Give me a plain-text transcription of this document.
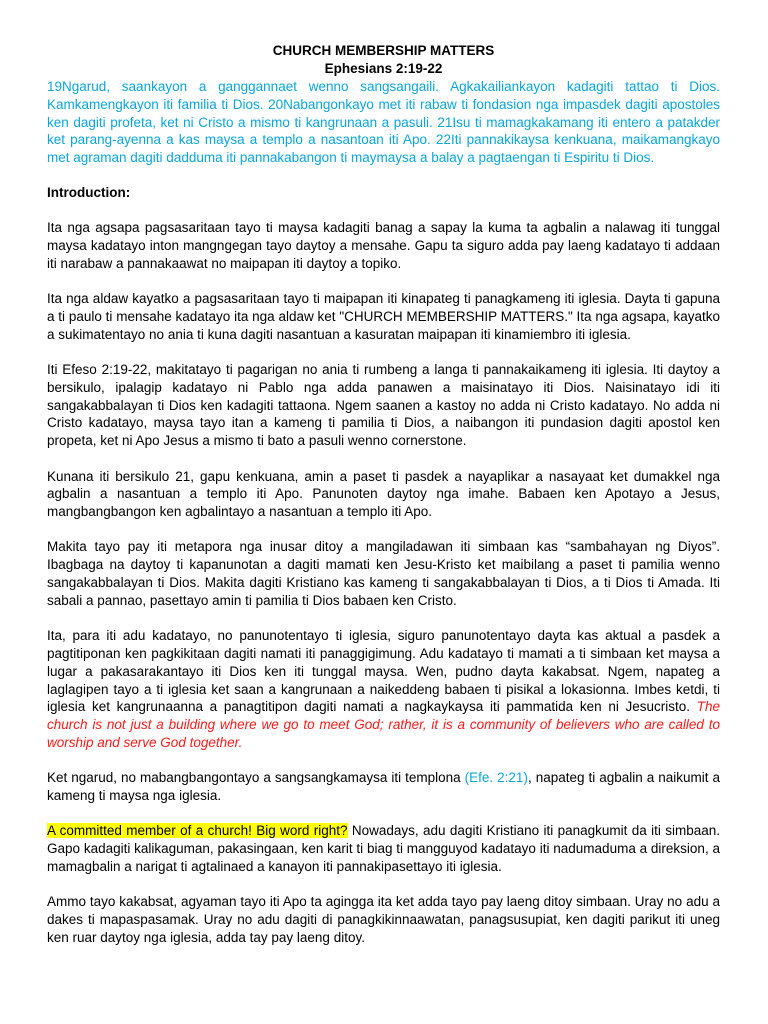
CHURCH MEMBERSHIP MATTERS
Ephesians 2:19-22

19Ngarud, saankayon a ganggannaet wenno sangsangaili. Agkakailiankayon kadagiti tattao ti Dios. Kamkamengkayon iti familia ti Dios. 20Nabangonkayo met iti rabaw ti fondasion nga impasdek dagiti apostoles ken dagiti profeta, ket ni Cristo a mismo ti kangrunaan a pasuli. 21Isu ti mamagkakamang iti entero a patakder ket parang-ayenna a kas maysa a templo a nasantoan iti Apo. 22Iti pannakikaysa kenkuana, maikamangkayo met agraman dagiti dadduma iti pannakabangon ti maymaysa a balay a pagtaengan ti Espiritu ti Dios.

Introduction:

Ita nga agsapa pagsasaritaan tayo ti maysa kadagiti banag a sapay la kuma ta agbalin a nalawag iti tunggal maysa kadatayo inton mangngegan tayo daytoy a mensahe. Gapu ta siguro adda pay laeng kadatayo ti addaan iti narabaw a pannakaawat no maipapan iti daytoy a topiko.

Ita nga aldaw kayatko a pagsasaritaan tayo ti maipapan iti kinapateg ti panagkameng iti iglesia. Dayta ti gapuna a ti paulo ti mensahe kadatayo ita nga aldaw ket "CHURCH MEMBERSHIP MATTERS." Ita nga agsapa, kayatko a sukimatentayo no ania ti kuna dagiti nasantuan a kasuratan maipapan iti kinamiembro iti iglesia.

Iti Efeso 2:19-22, makitatayo ti pagarigan no ania ti rumbeng a langa ti pannakaikameng iti iglesia. Iti daytoy a bersikulo, ipalagip kadatayo ni Pablo nga adda panawen a maisinatayo iti Dios. Naisinatayo idi iti sangakabbalayan ti Dios ken kadagiti tattaona. Ngem saanen a kastoy no adda ni Cristo kadatayo. No adda ni Cristo kadatayo, maysa tayo itan a kameng ti pamilia ti Dios, a naibangon iti pundasion dagiti apostol ken propeta, ket ni Apo Jesus a mismo ti bato a pasuli wenno cornerstone.

Kunana iti bersikulo 21, gapu kenkuana, amin a paset ti pasdek a nayaplikar a nasayaat ket dumakkel nga agbalin a nasantuan a templo iti Apo. Panunoten daytoy nga imahe. Babaen ken Apotayo a Jesus, mangbangbangon ken agbalintayo a nasantuan a templo iti Apo.

Makita tayo pay iti metapora nga inusar ditoy a mangiladawan iti simbaan kas “sambahayan ng Diyos”. Ibagbaga na daytoy ti kapanunotan a dagiti mamati ken Jesu-Kristo ket maibilang a paset ti pamilia wenno sangakabbalayan ti Dios. Makita dagiti Kristiano kas kameng ti sangakabbalayan ti Dios, a ti Dios ti Amada. Iti sabali a pannao, pasettayo amin ti pamilia ti Dios babaen ken Cristo.

Ita, para iti adu kadatayo, no panunotentayo ti iglesia, siguro panunotentayo dayta kas aktual a pasdek a pagtitiponan ken pagkikitaan dagiti namati iti panaggigimung. Adu kadatayo ti mamati a ti simbaan ket maysa a lugar a pakasarakantayo iti Dios ken iti tunggal maysa. Wen, pudno dayta kakabsat. Ngem, napateg a laglagipen tayo a ti iglesia ket saan a kangrunaan a naikeddeng babaen ti pisikal a lokasionna. Imbes ketdi, ti iglesia ket kangrunaanna a panagtitipon dagiti namati a nagkaykaysa iti pammatida ken ni Jesucristo. The church is not just a building where we go to meet God; rather, it is a community of believers who are called to worship and serve God together.

Ket ngarud, no mabangbangontayo a sangsangkamaysa iti templona (Efe. 2:21), napateg ti agbalin a naikumit a kameng ti maysa nga iglesia.

A committed member of a church! Big word right? Nowadays, adu dagiti Kristiano iti panagkumit da iti simbaan. Gapo kadagiti kalikaguman, pakasingaan, ken karit ti biag ti mangguyod kadatayo iti nadumaduma a direksion, a mamagbalin a narigat ti agtalinaed a kanayon iti pannakipasettayo iti iglesia.

Ammo tayo kakabsat, agyaman tayo iti Apo ta agingga ita ket adda tayo pay laeng ditoy simbaan. Uray no adu a dakes ti mapaspasamak. Uray no adu dagiti di panagkikinnaawatan, panagsusupiat, ken dagiti parikut iti uneg ken ruar daytoy nga iglesia, adda tay pay laeng ditoy.
